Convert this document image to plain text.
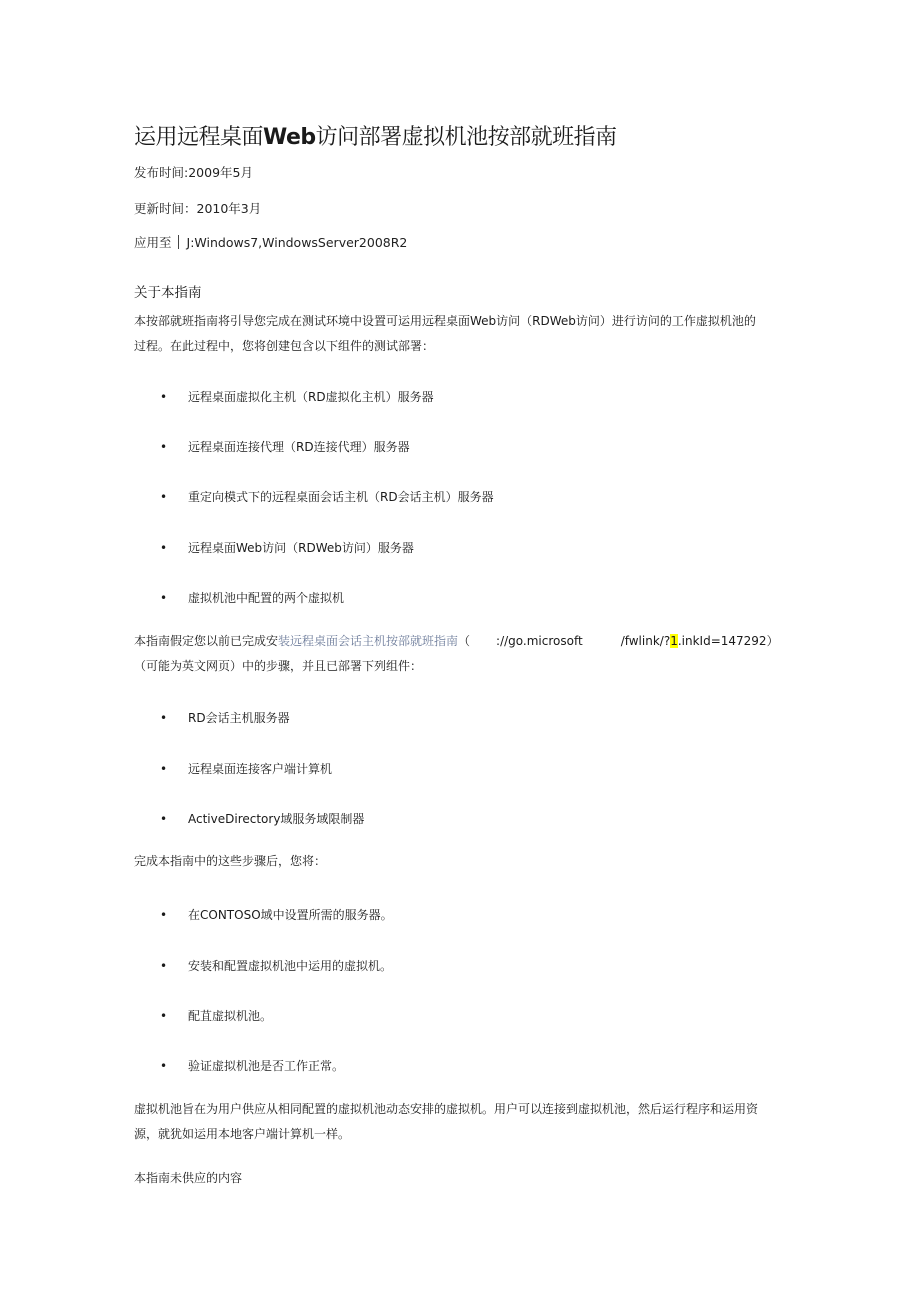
运用远程桌面Web访问部署虚拟机池按部就班指南
发布时间:2009年5月
更新时间：2010年3月
应用至 J:Windows7,WindowsServer2008R2
关于本指南
本按部就班指南将引导您完成在测试环境中设置可运用远程桌面Web访问（RDWeb访问）进行访问的工作虚拟机池的
过程。在此过程中，您将创建包含以下组件的测试部署：
• 远程桌面虚拟化主机（RD虚拟化主机）服务器
• 远程桌面连接代理（RD连接代理）服务器
• 重定向模式下的远程桌面会话主机（RD会话主机）服务器
• 远程桌面Web访问（RDWeb访问）服务器
• 虚拟机池中配置的两个虚拟机
本指南假定您以前已完成安装远程桌面会话主机按部就班指南（ ://go.microsoft	/fwlink/?1.inkId=147292）
（可能为英文网页）中的步骤，并且已部署下列组件：
• RD会话主机服务器
• 远程桌面连接客户端计算机
• ActiveDirectory域服务域限制器
完成本指南中的这些步骤后，您将：
• 在CONTOSO域中设置所需的服务器。
• 安装和配置虚拟机池中运用的虚拟机。
• 配苴虚拟机池。
• 验证虚拟机池是否工作正常。
虚拟机池旨在为用户供应从相同配置的虚拟机池动态安排的虚拟机。用户可以连接到虚拟机池，然后运行程序和运用资
源，就犹如运用本地客户端计算机一样。
本指南未供应的内容
